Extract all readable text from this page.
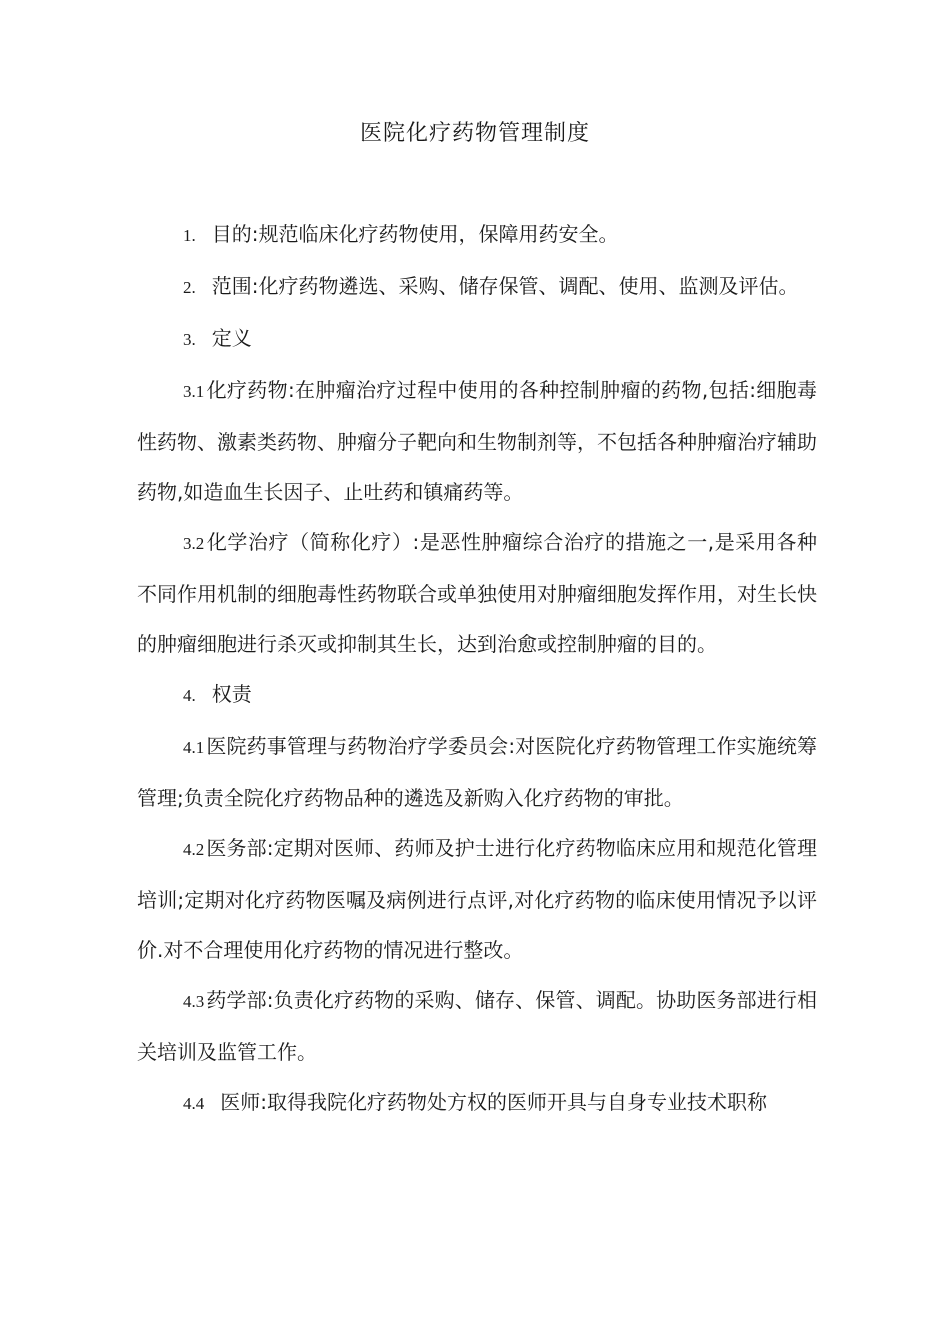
医院化疗药物管理制度

1. 目的:规范临床化疗药物使用，保障用药安全。

2. 范围:化疗药物遴选、采购、储存保管、调配、使用、监测及评估。

3. 定义

3.1 化疗药物:在肿瘤治疗过程中使用的各种控制肿瘤的药物,包括:细胞毒性药物、激素类药物、肿瘤分子靶向和生物制剂等，不包括各种肿瘤治疗辅助药物,如造血生长因子、止吐药和镇痛药等。

3.2 化学治疗（简称化疗）:是恶性肿瘤综合治疗的措施之一,是采用各种不同作用机制的细胞毒性药物联合或单独使用对肿瘤细胞发挥作用，对生长快的肿瘤细胞进行杀灭或抑制其生长，达到治愈或控制肿瘤的目的。

4. 权责

4.1 医院药事管理与药物治疗学委员会:对医院化疗药物管理工作实施统筹管理;负责全院化疗药物品种的遴选及新购入化疗药物的审批。

4.2 医务部:定期对医师、药师及护士进行化疗药物临床应用和规范化管理培训;定期对化疗药物医嘱及病例进行点评,对化疗药物的临床使用情况予以评价.对不合理使用化疗药物的情况进行整改。

4.3 药学部:负责化疗药物的采购、储存、保管、调配。协助医务部进行相关培训及监管工作。

4.4 医师:取得我院化疗药物处方权的医师开具与自身专业技术职称
